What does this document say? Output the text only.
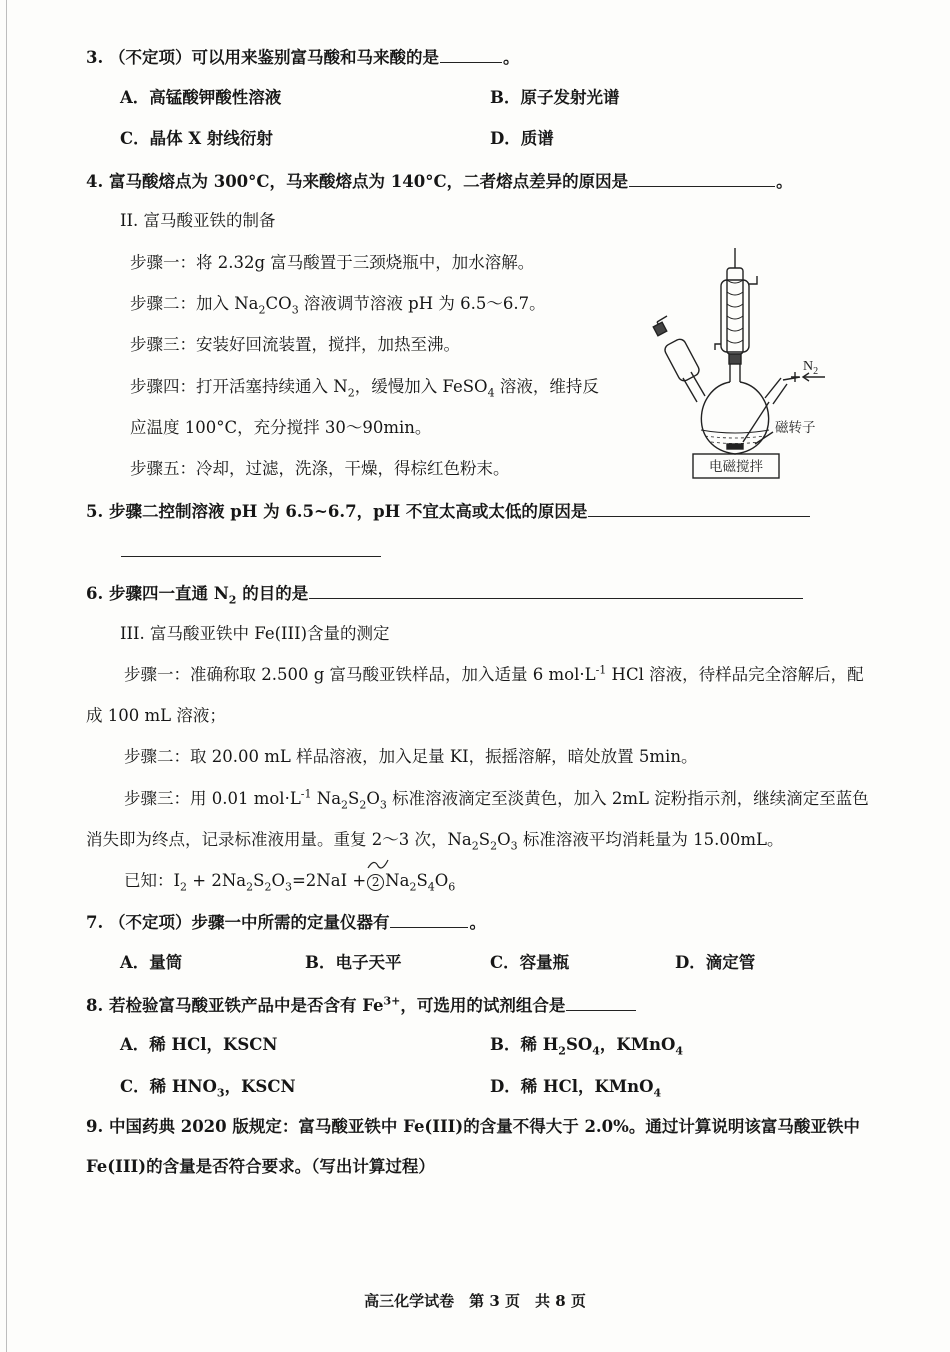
3. （不定项）可以用来鉴别富马酸和马来酸的是	。
A．高锰酸钾酸性溶液	B．原子发射光谱
C．晶体 X 射线衍射	D．质谱
4. 富马酸熔点为 300°C，马来酸熔点为 140°C，二者熔点差异的原因是	。
II. 富马酸亚铁的制备
步骤一：将 2.32g 富马酸置于三颈烧瓶中，加水溶解。
步骤二：加入 $Na_2CO_3$ 溶液调节溶液 pH 为 6.5～6.7。
步骤三：安装好回流装置，搅拌，加热至沸。
步骤四：打开活塞持续通入 $N_2$，缓慢加入 FeSO$_4$ 溶液，维持反
应温度 100°C，充分搅拌 30～90min。
步骤五：冷却，过滤，洗涤，干燥，得棕红色粉末。
$N_2$
磁转子
电磁搅拌
5. 步骤二控制溶液 pH 为 6.5~6.7，pH 不宜太高或太低的原因是
6. 步骤四一直通 $N_2$ 的目的是
III. 富马酸亚铁中 Fe(III)含量的测定
步骤一：准确称取 2.500 g 富马酸亚铁样品，加入适量 6 $mol\cdot L^{-1}$ HCl 溶液，待样品完全溶解后，配
成 100 mL 溶液；
步骤二：取 20.00 mL 样品溶液，加入足量 KI，振摇溶解，暗处放置 5min。
步骤三：用 0.01 $mol\cdot L^{-1}$ $Na_2S_2O_3$ 标准溶液滴定至淡黄色，加入 2mL 淀粉指示剂，继续滴定至蓝色
消失即为终点，记录标准液用量。重复 2～3 次，$Na_2S_2O_3$ 标准溶液平均消耗量为 15.00mL。
已知：$I_2 + 2Na_2S_2O_3=2NaI + 2$ $Na_2S_4O_6$
7. （不定项）步骤一中所需的定量仪器有	。
A．量筒	B．电子天平	C．容量瓶	D．滴定管
8. 若检验富马酸亚铁产品中是否含有 $Fe^{3+}$，可选用的试剂组合是
A．稀 HCl，KSCN	B．稀 $H_2SO_4$，KMnO$_4$
C．稀 $HNO_3$，KSCN	D．稀 HCl，KMnO$_4$
9. 中国药典 2020 版规定：富马酸亚铁中 Fe(III)的含量不得大于 2.0%。通过计算说明该富马酸亚铁中
Fe(III)的含量是否符合要求。（写出计算过程）
高三化学试卷　第 3 页　共 8 页
